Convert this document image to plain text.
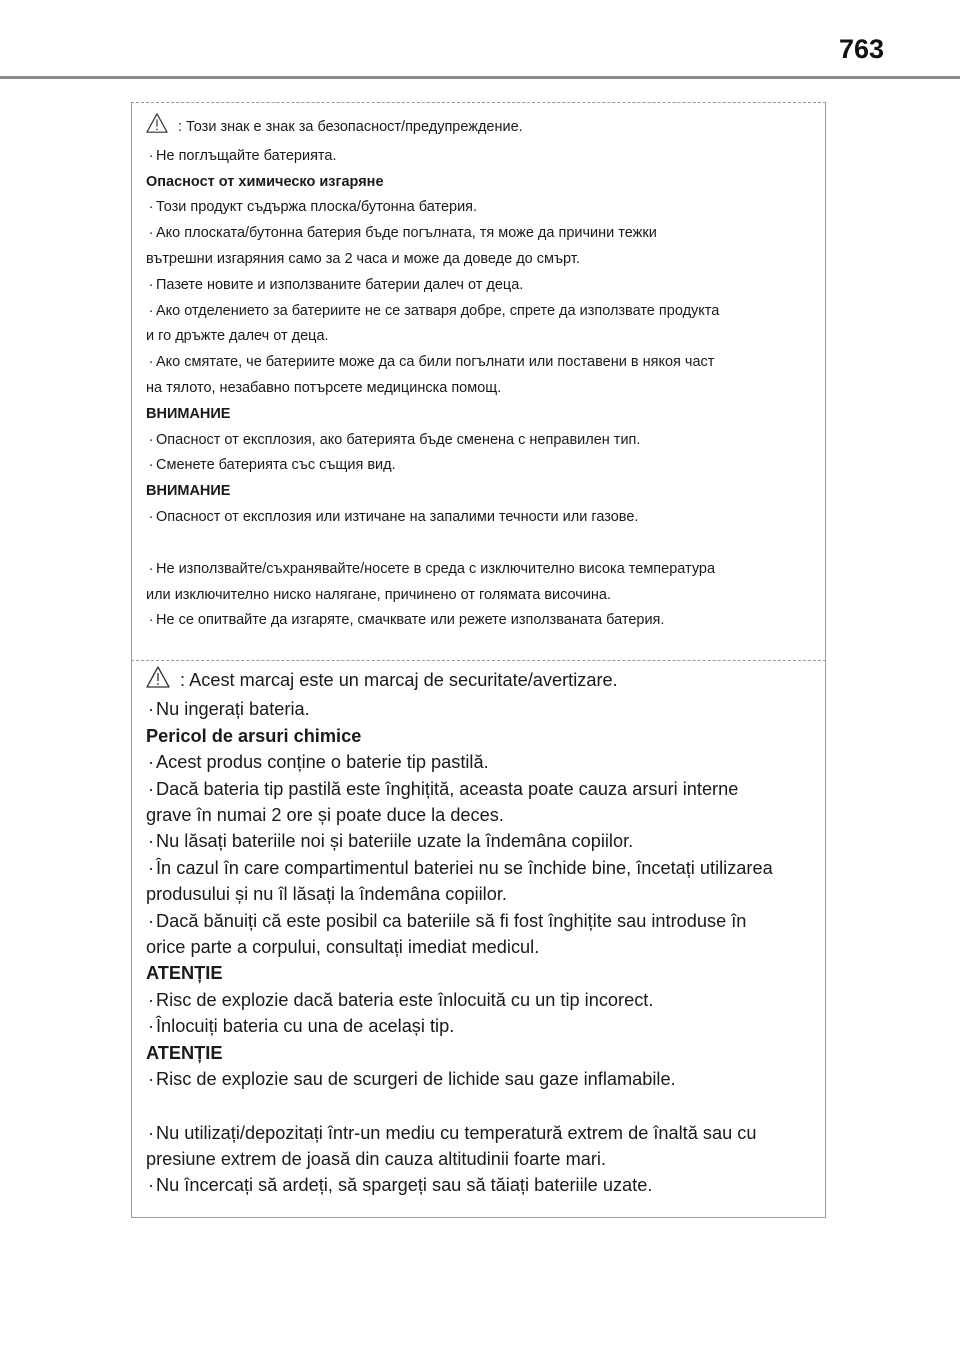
763
: Този знак е знак за безопасност/предупреждение.
· Не поглъщайте батерията.
Опасност от химическо изгаряне
· Този продукт съдържа плоска/бутонна батерия.
· Ако плоската/бутонна батерия бъде погълната, тя може да причини тежки
вътрешни изгаряния само за 2 часа и може да доведе до смърт.
· Пазете новите и използваните батерии далеч от деца.
· Ако отделението за батериите не се затваря добре, спрете да използвате продукта
и го дръжте далеч от деца.
· Ако смятате, че батериите може да са били погълнати или поставени в някоя част
на тялото, незабавно потърсете медицинска помощ.
ВНИМАНИЕ
· Опасност от експлозия, ако батерията бъде сменена с неправилен тип.
· Сменете батерията със същия вид.
ВНИМАНИЕ
· Опасност от експлозия или изтичане на запалими течности или газове.
· Не използвайте/съхранявайте/носете в среда с изключително висока температура
или изключително ниско налягане, причинено от голямата височина.
· Не се опитвайте да изгаряте, смачквате или режете използваната батерия.
: Acest marcaj este un marcaj de securitate/avertizare.
· Nu ingerați bateria.
Pericol de arsuri chimice
· Acest produs conține o baterie tip pastilă.
· Dacă bateria tip pastilă este înghițită, aceasta poate cauza arsuri interne
grave în numai 2 ore și poate duce la deces.
· Nu lăsați bateriile noi și bateriile uzate la îndemâna copiilor.
· În cazul în care compartimentul bateriei nu se închide bine, încetați utilizarea
produsului și nu îl lăsați la îndemâna copiilor.
· Dacă bănuiți că este posibil ca bateriile să fi fost înghițite sau introduse în
orice parte a corpului, consultați imediat medicul.
ATENȚIE
· Risc de explozie dacă bateria este înlocuită cu un tip incorect.
· Înlocuiți bateria cu una de același tip.
ATENȚIE
· Risc de explozie sau de scurgeri de lichide sau gaze inflamabile.
· Nu utilizați/depozitați într-un mediu cu temperatură extrem de înaltă sau cu
presiune extrem de joasă din cauza altitudinii foarte mari.
· Nu încercați să ardeți, să spargeți sau să tăiați bateriile uzate.
